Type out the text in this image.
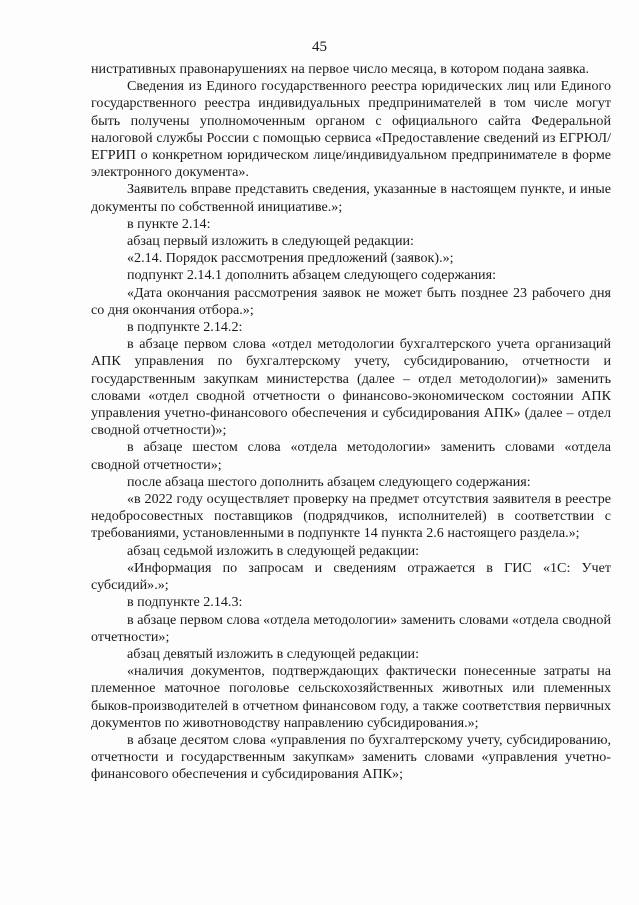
45

нистративных правонарушениях на первое число месяца, в котором подана заявка.

Сведения из Единого государственного реестра юридических лиц или Единого государственного реестра индивидуальных предпринимателей в том числе могут быть получены уполномоченным органом с официального сайта Федеральной налоговой службы России с помощью сервиса «Предоставление сведений из ЕГРЮЛ/ЕГРИП о конкретном юридическом лице/индивидуальном предпринимателе в форме электронного документа».

Заявитель вправе представить сведения, указанные в настоящем пункте, и иные документы по собственной инициативе.»;

в пункте 2.14:

абзац первый изложить в следующей редакции:

«2.14. Порядок рассмотрения предложений (заявок).»;

подпункт 2.14.1 дополнить абзацем следующего содержания:

«Дата окончания рассмотрения заявок не может быть позднее 23 рабочего дня со дня окончания отбора.»;

в подпункте 2.14.2:

в абзаце первом слова «отдел методологии бухгалтерского учета организаций АПК управления по бухгалтерскому учету, субсидированию, отчетности и государственным закупкам министерства (далее – отдел методологии)» заменить словами «отдел сводной отчетности о финансово-экономическом состоянии АПК управления учетно-финансового обеспечения и субсидирования АПК» (далее – отдел сводной отчетности)»;

в абзаце шестом слова «отдела методологии» заменить словами «отдела сводной отчетности»;

после абзаца шестого дополнить абзацем следующего содержания:

«в 2022 году осуществляет проверку на предмет отсутствия заявителя в реестре недобросовестных поставщиков (подрядчиков, исполнителей) в соответствии с требованиями, установленными в подпункте 14 пункта 2.6 настоящего раздела.»;

абзац седьмой изложить в следующей редакции:

«Информация по запросам и сведениям отражается в ГИС «1С: Учет субсидий».»;

в подпункте 2.14.3:

в абзаце первом слова «отдела методологии» заменить словами «отдела сводной отчетности»;

абзац девятый изложить в следующей редакции:

«наличия документов, подтверждающих фактически понесенные затраты на племенное маточное поголовье сельскохозяйственных животных или племенных быков-производителей в отчетном финансовом году, а также соответствия первичных документов по животноводству направлению субсидирования.»;

в абзаце десятом слова «управления по бухгалтерскому учету, субсидированию, отчетности и государственным закупкам» заменить словами «управления учетно-финансового обеспечения и субсидирования АПК»;
